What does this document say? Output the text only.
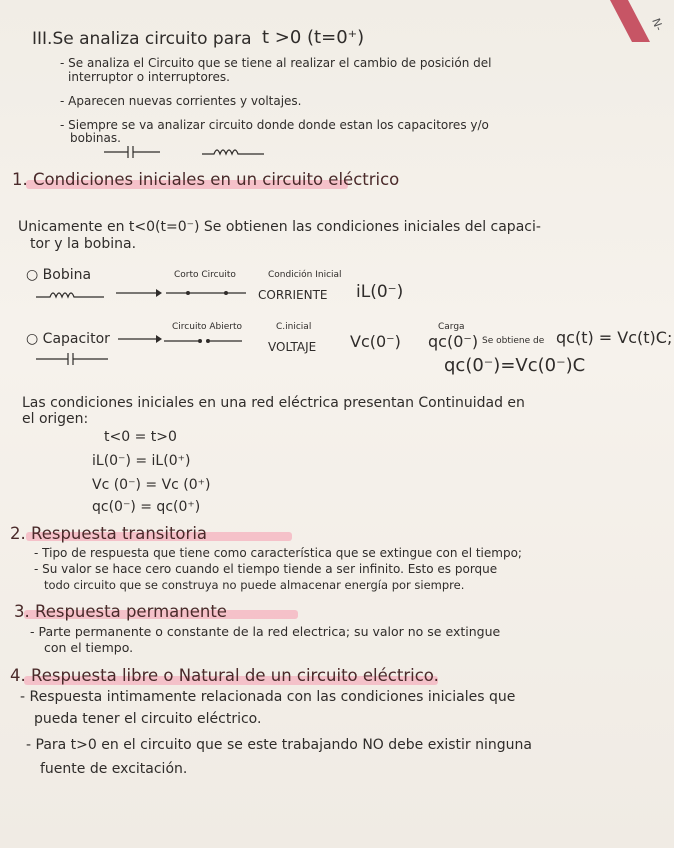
N-
III.Se analiza circuito para t >0 (t=0⁺)
- Se analiza el Circuito que se tiene al realizar el cambio de posición del
interruptor o interruptores.
- Aparecen nuevas corrientes y voltajes.
- Siempre se va analizar circuito donde donde estan los capacitores y/o
bobinas.
1. Condiciones iniciales en un circuito eléctrico
Unicamente en t<0(t=0⁻) Se obtienen las condiciones iniciales del capaci-
tor y la bobina.
○ Bobina	Corto Circuito	Condición Inicial
CORRIENTE iL(0⁻)
○ Capacitor
Circuito Abierto	C.inicial
VOLTAJE Vc(0⁻)
Carga
qc(0⁻) Se obtiene de qc(t) = Vc(t)C;
qc(0⁻)=Vc(0⁻)C
Las condiciones iniciales en una red eléctrica presentan Continuidad en
el origen:
t<0 = t>0
iL(0⁻) = iL(0⁺)
Vc (0⁻) = Vc (0⁺)
qc(0⁻) = qc(0⁺)
2. Respuesta transitoria
- Tipo de respuesta que tiene como característica que se extingue con el tiempo;
- Su valor se hace cero cuando el tiempo tiende a ser infinito. Esto es porque
todo circuito que se construya no puede almacenar energía por siempre.
3. Respuesta permanente
- Parte permanente o constante de la red electrica; su valor no se extingue
con el tiempo.
4. Respuesta libre o Natural de un circuito eléctrico.
- Respuesta intimamente relacionada con las condiciones iniciales que
pueda tener el circuito eléctrico.
- Para t>0 en el circuito que se este trabajando NO debe existir ninguna
fuente de excitación.
